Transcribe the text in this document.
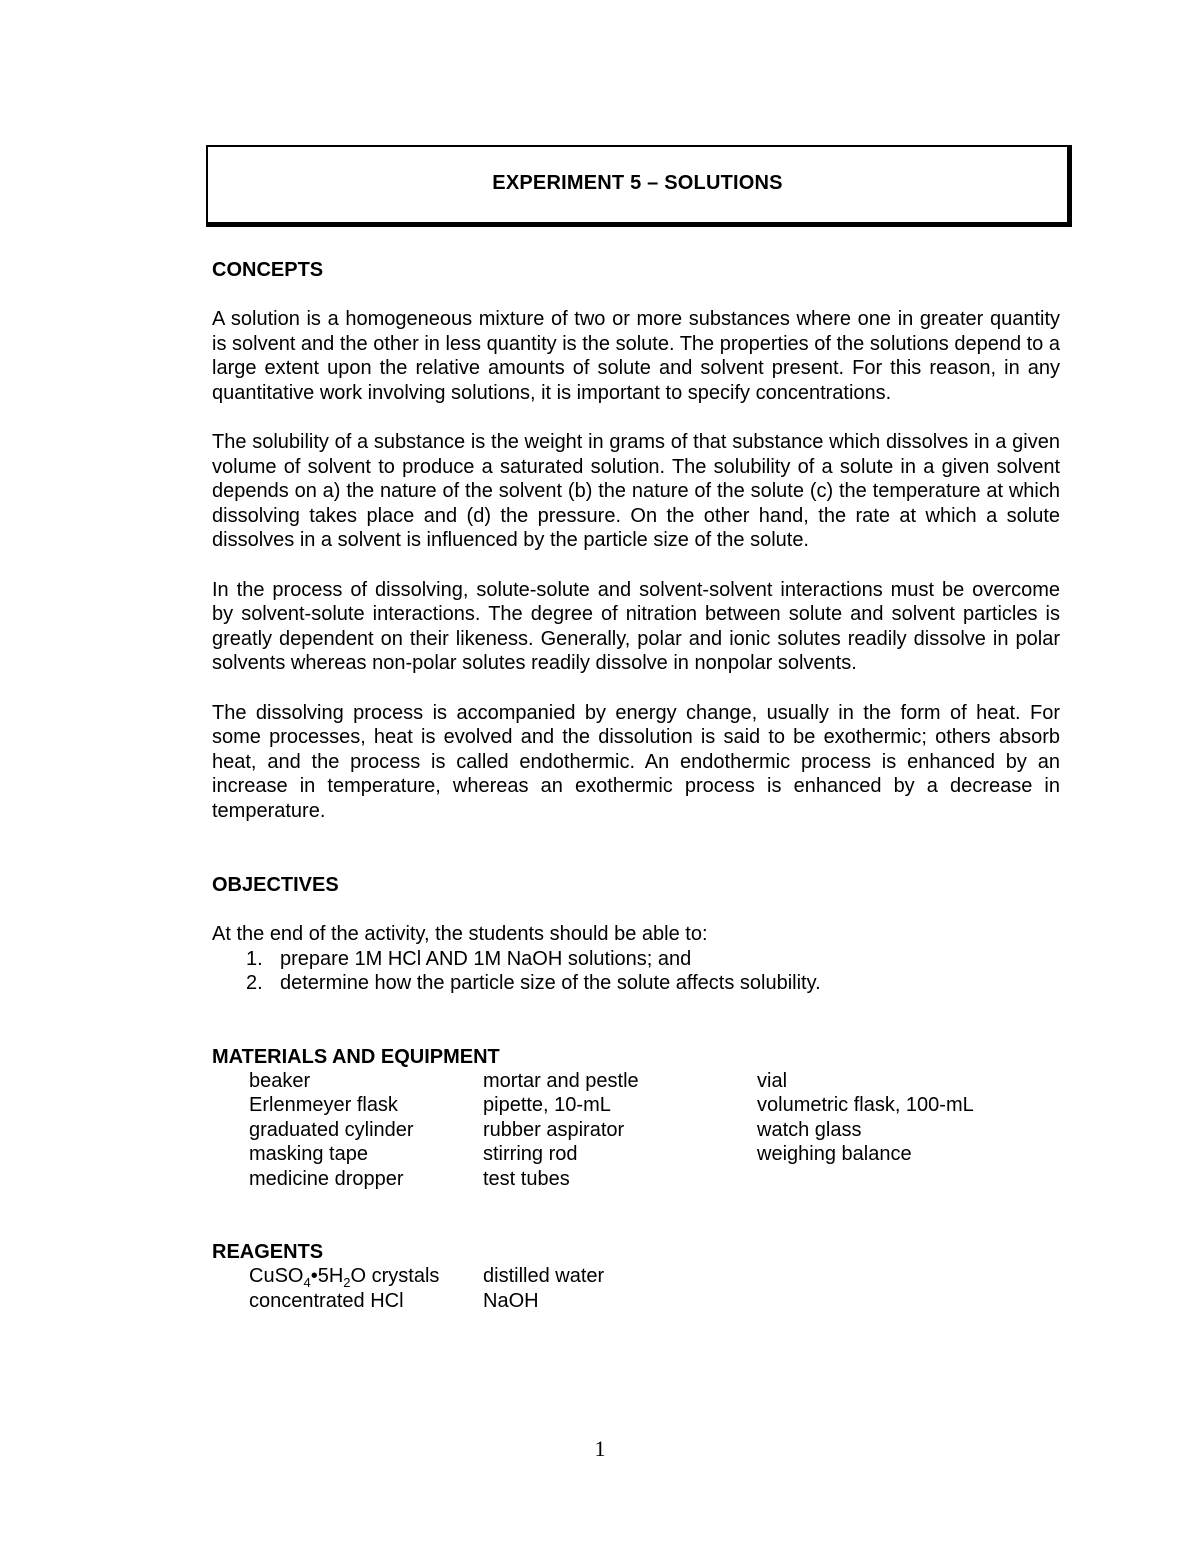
EXPERIMENT 5 – SOLUTIONS
CONCEPTS

A solution is a homogeneous mixture of two or more substances where one in greater quantity is solvent and the other in less quantity is the solute. The properties of the solutions depend to a large extent upon the relative amounts of solute and solvent present. For this reason, in any quantitative work involving solutions, it is important to specify concentrations.

The solubility of a substance is the weight in grams of that substance which dissolves in a given volume of solvent to produce a saturated solution. The solubility of a solute in a given solvent depends on a) the nature of the solvent (b) the nature of the solute (c) the temperature at which dissolving takes place and (d) the pressure. On the other hand, the rate at which a solute dissolves in a solvent is influenced by the particle size of the solute.

In the process of dissolving, solute-solute and solvent-solvent interactions must be overcome by solvent-solute interactions. The degree of nitration between solute and solvent particles is greatly dependent on their likeness. Generally, polar and ionic solutes readily dissolve in polar solvents whereas non-polar solutes readily dissolve in nonpolar solvents.

The dissolving process is accompanied by energy change, usually in the form of heat. For some processes, heat is evolved and the dissolution is said to be exothermic; others absorb heat, and the process is called endothermic. An endothermic process is enhanced by an increase in temperature, whereas an exothermic process is enhanced by a decrease in temperature.

OBJECTIVES

At the end of the activity, the students should be able to:

1. prepare 1M HCl AND 1M NaOH solutions; and
2. determine how the particle size of the solute affects solubility.
MATERIALS AND EQUIPMENT
beaker	mortar and pestle	vial
Erlenmeyer flask	pipette, 10-mL	volumetric flask, 100-mL
graduated cylinder	rubber aspirator	watch glass
masking tape	stirring rod	weighing balance
medicine dropper	test tubes
REAGENTS
$CuSO_4•5H_2O$ crystals	distilled water
concentrated HCl	NaOH
1
